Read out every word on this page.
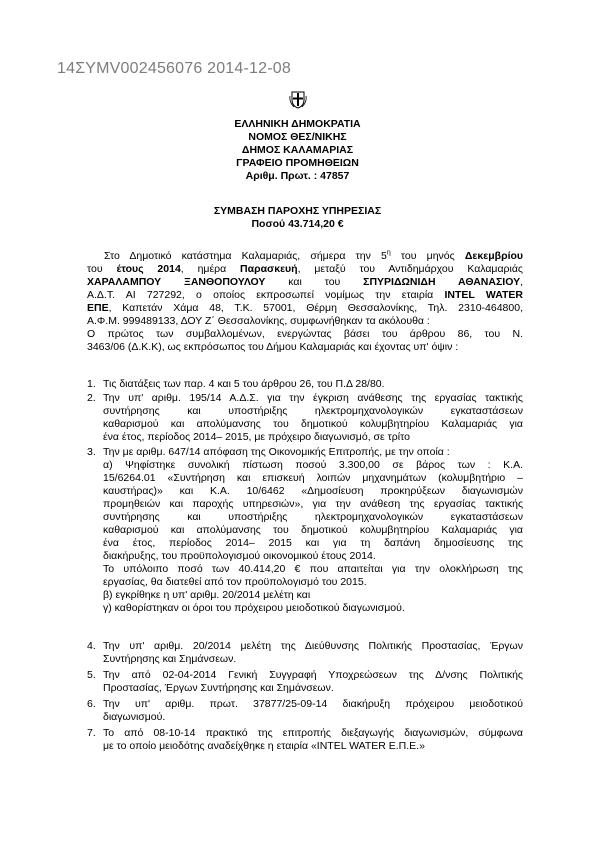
14ΣΥΜV002456076 2014-12-08
ΕΛΛΗΝΙΚΗ ΔΗΜΟΚΡΑΤΙΑ
ΝΟΜΟΣ ΘΕΣ/ΝΙΚΗΣ
ΔΗΜΟΣ ΚΑΛΑΜΑΡΙΑΣ
ΓΡΑΦΕΙΟ ΠΡΟΜΗΘΕΙΩΝ
Αριθμ. Πρωτ. : 47857
ΣΥΜΒΑΣΗ ΠΑΡΟΧΗΣ ΥΠΗΡΕΣΙΑΣ
Ποσού 43.714,20 €
Στο Δημοτικό κατάστημα Καλαμαριάς, σήμερα την $5^\eta$ του μηνός Δεκεμβρίου
του έτους 2014, ημέρα Παρασκευή, μεταξύ του Αντιδημάρχου Καλαμαριάς
ΧΑΡΑΛΑΜΠΟΥ ΞΑΝΘΟΠΟΥΛΟΥ και του ΣΠΥΡΙΔΩΝΙΔΗ ΑΘΑΝΑΣΙΟΥ,
Α.Δ.Τ. ΑΙ 727292, ο οποίος εκπροσωπεί νομίμως την εταιρία INTEL WATER
ΕΠΕ, Καπετάν Χάμα 48, Τ.Κ. 57001, Θέρμη Θεσσαλονίκης, Τηλ. 2310-464800,
Α.Φ.Μ. 999489133, ΔΟΥ Ζ΄ Θεσσαλονίκης, συμφωνήθηκαν τα ακόλουθα :
Ο πρώτος των συμβαλλομένων, ενεργώντας βάσει του άρθρου 86, του Ν.
3463/06 (Δ.Κ.Κ), ως εκπρόσωπος του Δήμου Καλαμαριάς και έχοντας υπ' όψιν :
1. Τις διατάξεις των παρ. 4 και 5 του άρθρου 26, του Π.Δ 28/80.
2. Την υπ' αριθμ. 195/14 Α.Δ.Σ. για την έγκριση ανάθεσης της εργασίας τακτικής
συντήρησης και υποστήριξης ηλεκτρομηχανολογικών εγκαταστάσεων
καθαρισμού και απολύμανσης του δημοτικού κολυμβητηρίου Καλαμαριάς για
ένα έτος, περίοδος 2014– 2015, με πρόχειρο διαγωνισμό, σε τρίτο
3. Την με αριθμ. 647/14 απόφαση της Οικονομικής Επιτροπής, με την οποία :
α) Ψηφίστηκε συνολική πίστωση ποσού 3.300,00 σε βάρος των : Κ.Α.
15/6264.01 «Συντήρηση και επισκευή λοιπών μηχανημάτων (κολυμβητήριο –
καυστήρας)» και Κ.Α. 10/6462 «Δημοσίευση προκηρύξεων διαγωνισμών
προμηθειών και παροχής υπηρεσιών», για την ανάθεση της εργασίας τακτικής
συντήρησης και υποστήριξης ηλεκτρομηχανολογικών εγκαταστάσεων
καθαρισμού και απολύμανσης του δημοτικού κολυμβητηρίου Καλαμαριάς για
ένα έτος, περίοδος 2014– 2015 και για τη δαπάνη δημοσίευσης της
διακήρυξης, του προϋπολογισμού οικονομικού έτους 2014.
Το υπόλοιπο ποσό των 40.414,20 € που απαιτείται για την ολοκλήρωση της
εργασίας, θα διατεθεί από τον προϋπολογισμό του 2015.
β) εγκρίθηκε η υπ' αριθμ. 20/2014 μελέτη και
γ) καθορίστηκαν οι όροι του πρόχειρου μειοδοτικού διαγωνισμού.
4. Την υπ' αριθμ. 20/2014 μελέτη της Διεύθυνσης Πολιτικής Προστασίας, Έργων
Συντήρησης και Σημάνσεων.
5. Την από 02-04-2014 Γενική Συγγραφή Υποχρεώσεων της Δ/νσης Πολιτικής
Προστασίας, Έργων Συντήρησης και Σημάνσεων.
6. Την υπ' αριθμ. πρωτ. 37877/25-09-14 διακήρυξη πρόχειρου μειοδοτικού
διαγωνισμού.
7. Το από 08-10-14 πρακτικό της επιτροπής διεξαγωγής διαγωνισμών, σύμφωνα
με το οποίο μειοδότης αναδείχθηκε η εταιρία «INTEL WATER Ε.Π.Ε.»
